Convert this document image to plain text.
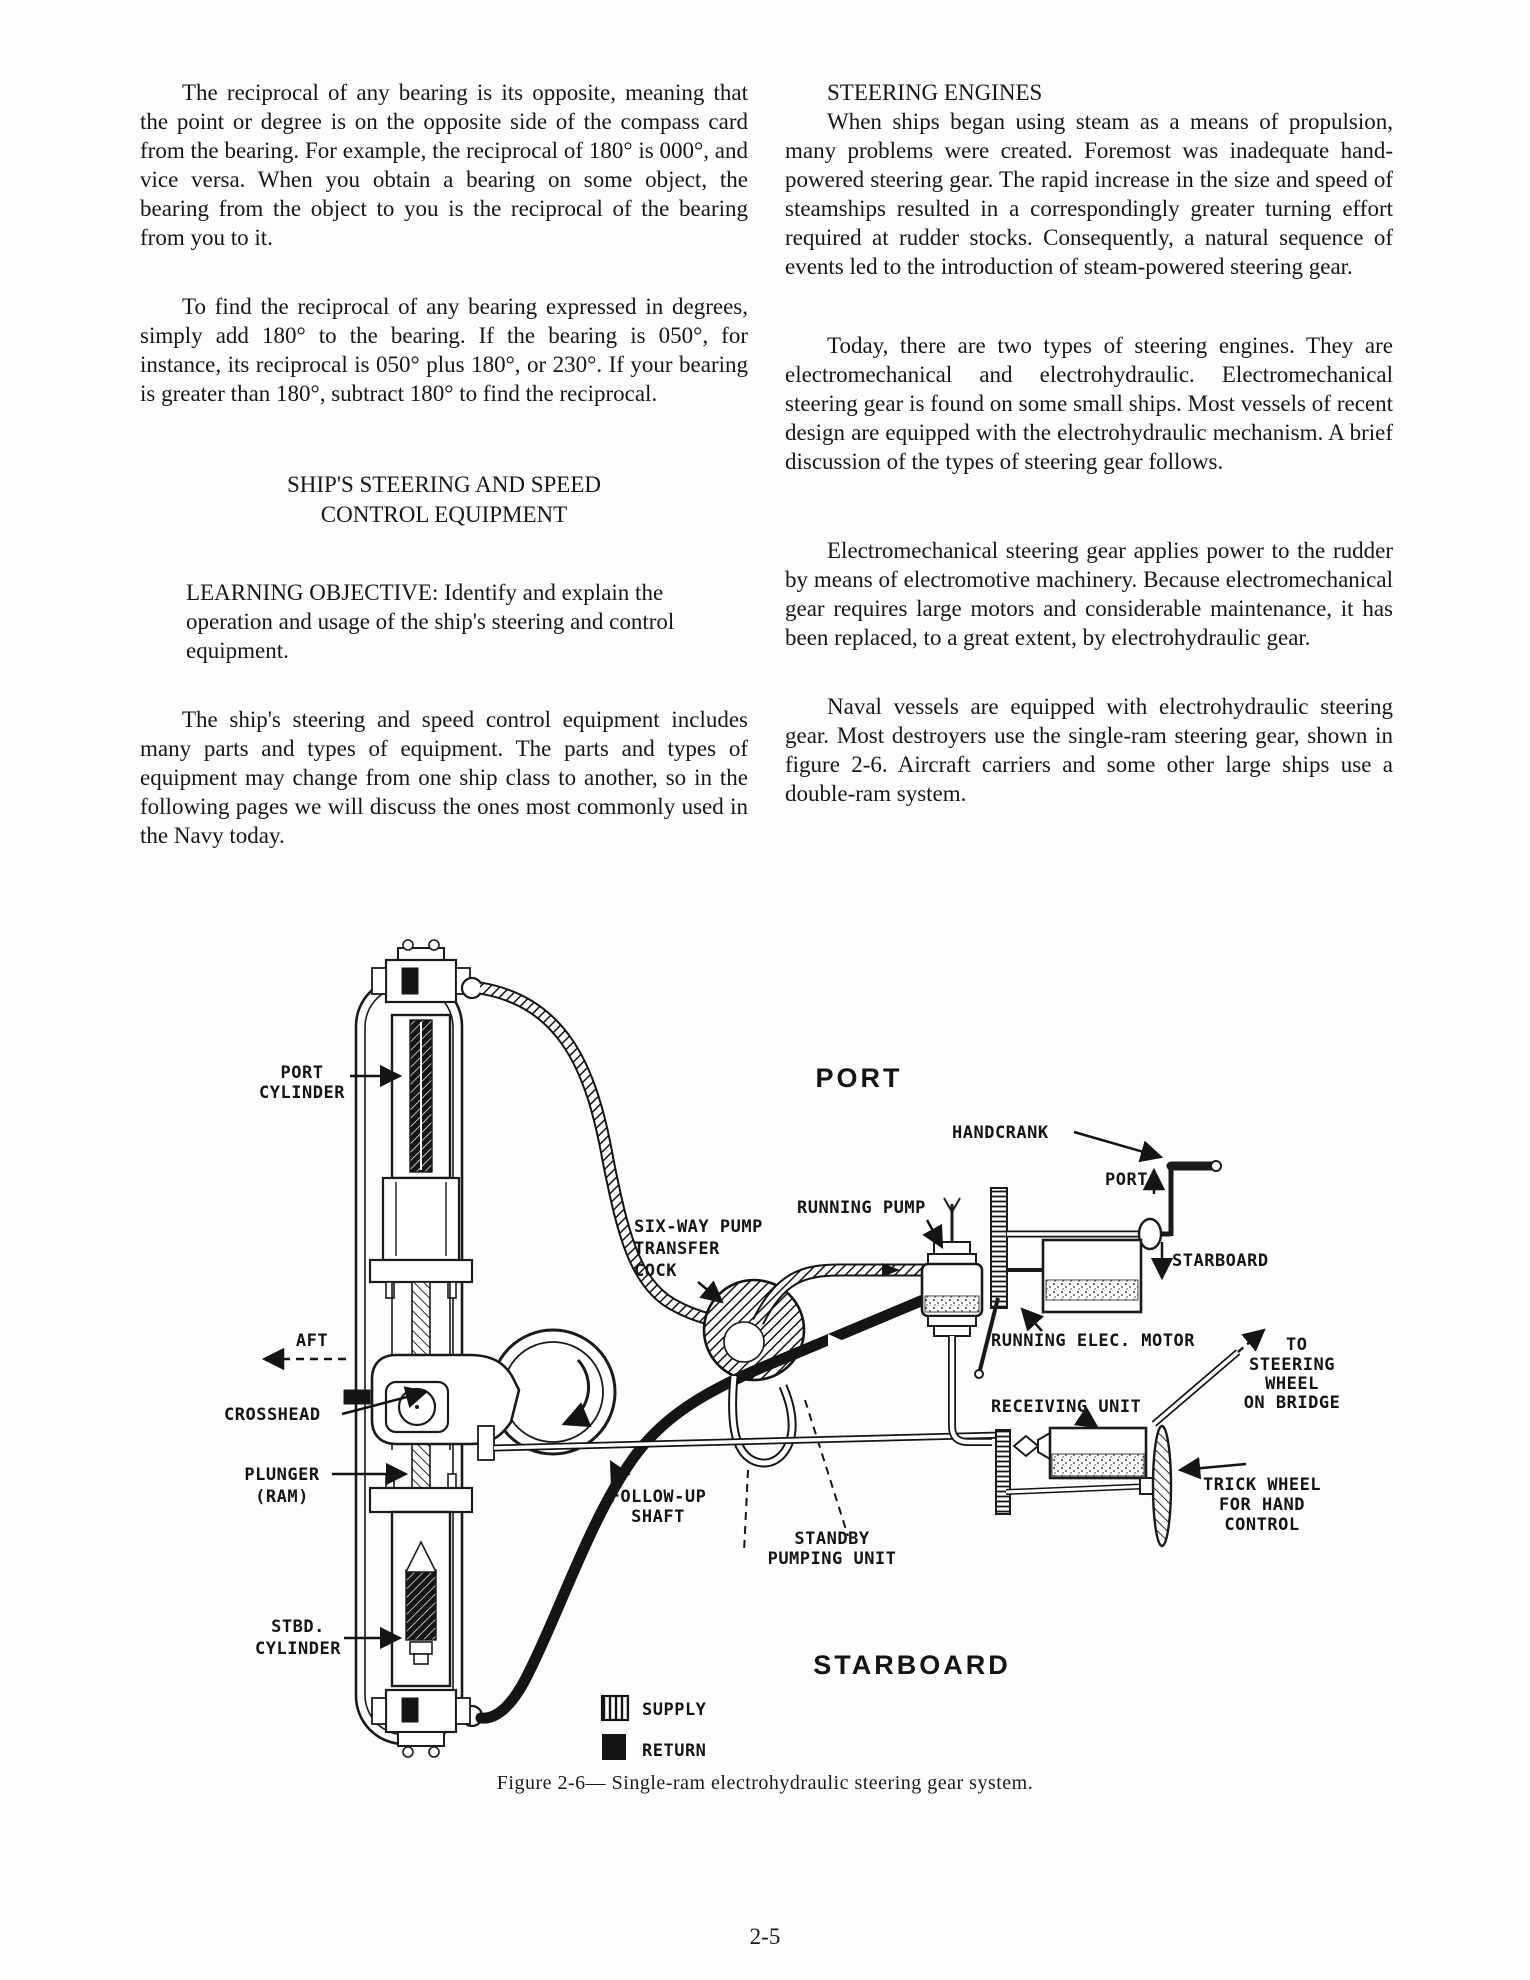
The reciprocal of any bearing is its opposite, meaning that the point or degree is on the opposite side of the compass card from the bearing. For example, the reciprocal of 180° is 000°, and vice versa. When you obtain a bearing on some object, the bearing from the object to you is the reciprocal of the bearing from you to it.

To find the reciprocal of any bearing expressed in degrees, simply add 180° to the bearing. If the bearing is 050°, for instance, its reciprocal is 050° plus 180°, or 230°. If your bearing is greater than 180°, subtract 180° to find the reciprocal.

SHIP'S STEERING AND SPEED
CONTROL EQUIPMENT
LEARNING OBJECTIVE: Identify and explain the operation and usage of the ship's steering and control equipment.

The ship's steering and speed control equipment includes many parts and types of equipment. The parts and types of equipment may change from one ship class to another, so in the following pages we will discuss the ones most commonly used in the Navy today.

STEERING ENGINES

When ships began using steam as a means of propulsion, many problems were created. Foremost was inadequate hand-powered steering gear. The rapid increase in the size and speed of steamships resulted in a correspondingly greater turning effort required at rudder stocks. Consequently, a natural sequence of events led to the introduction of steam-powered steering gear.

Today, there are two types of steering engines. They are electromechanical and electrohydraulic. Electromechanical steering gear is found on some small ships. Most vessels of recent design are equipped with the electrohydraulic mechanism. A brief discussion of the types of steering gear follows.

Electromechanical steering gear applies power to the rudder by means of electromotive machinery. Because electromechanical gear requires large motors and considerable maintenance, it has been replaced, to a great extent, by electrohydraulic gear.

Naval vessels are equipped with electrohydraulic steering gear. Most destroyers use the single-ram steering gear, shown in figure 2-6. Aircraft carriers and some other large ships use a double-ram system.

PORT
STARBOARD
PORT
CYLINDER
AFT
CROSSHEAD
PLUNGER
(RAM)
STBD.
CYLINDER
SIX-WAY PUMP
TRANSFER
COCK
RUNNING PUMP
HANDCRANK
PORT
STARBOARD
RUNNING ELEC. MOTOR	TO
STEERING
WHEEL
ON BRIDGE
RECEIVING UNIT
TRICK WHEEL
FOR HAND
CONTROL
FOLLOW-UP
SHAFT
STANDBY
PUMPING UNIT
SUPPLY
RETURN
Figure 2-6— Single-ram electrohydraulic steering gear system.
2-5
